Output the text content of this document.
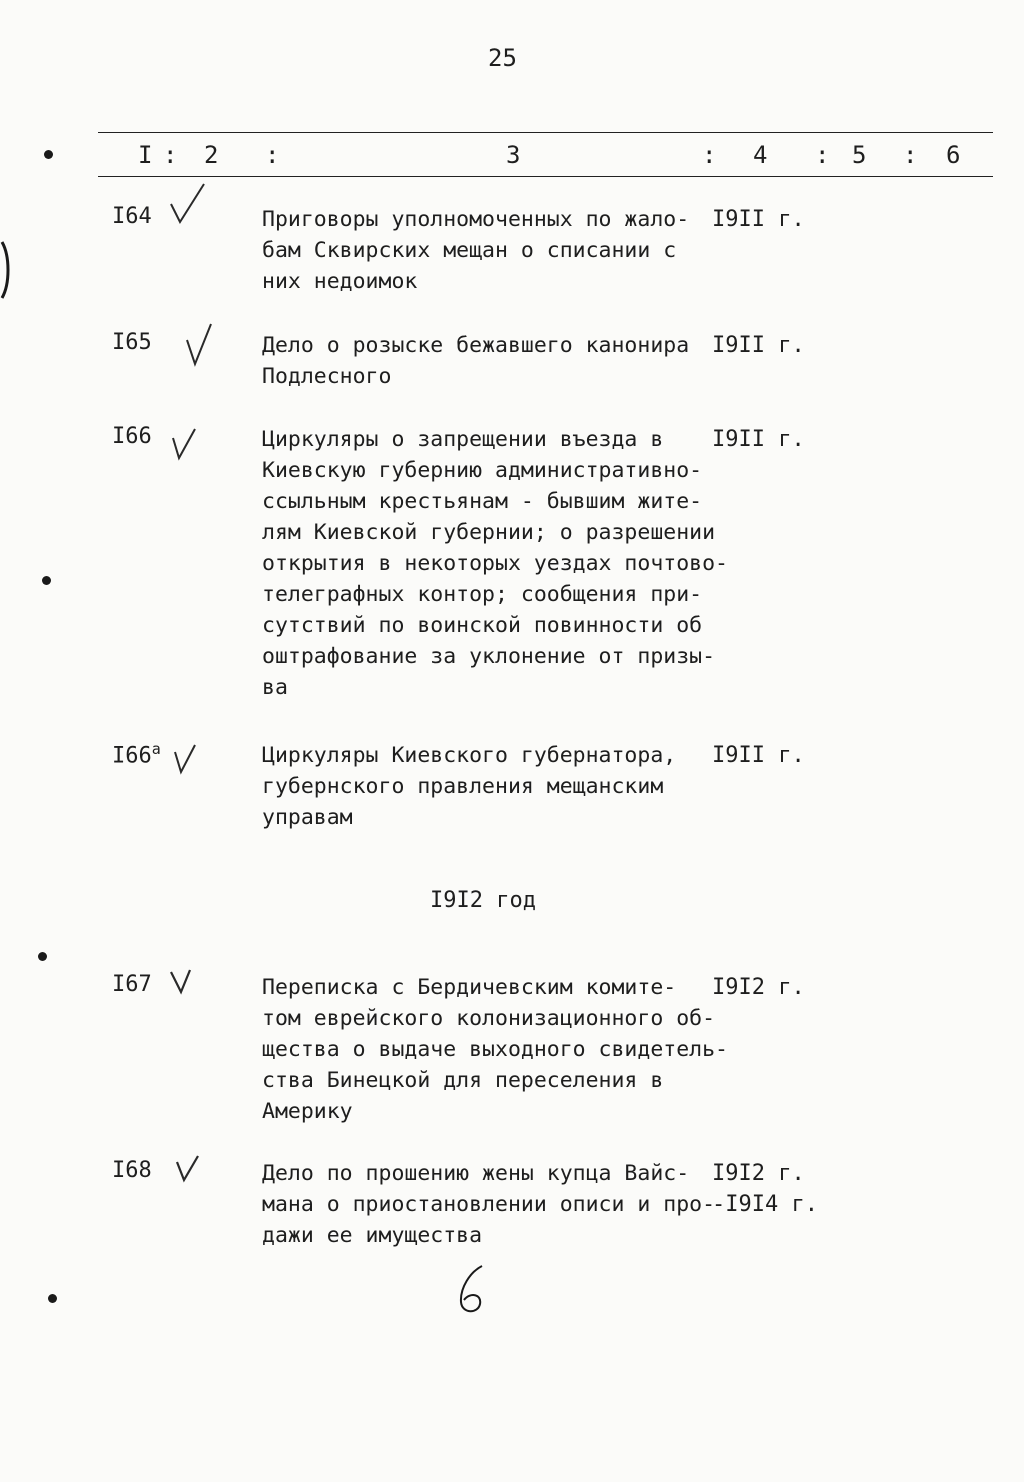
25
I : 2 :	3	: 4 : 5 : 6
I64	Приговоры уполномоченных по жало-
бам Сквирских мещан о списании с
них недоимок
I9II г.
I65	Дело о розыске бежавшего канонира
Подлесного
I9II г.
I66	Циркуляры о запрещении въезда в
Киевскую губернию административно-
ссыльным крестьянам - бывшим жите-
лям Киевской губернии; о разрешении
открытия в некоторых уездах почтово-
телеграфных контор; сообщения при-
сутствий по воинской повинности об
оштрафование за уклонение от призы-
ва
I9II г.
$I66^а$	Циркуляры Киевского губернатора,
губернского правления мещанским
управам
I9II г.
I9I2 год
I67	Переписка с Бердичевским комите-
том еврейского колонизационного об-
щества о выдаче выходного свидетель-
ства Бинецкой для переселения в
Америку
I9I2 г.
I68	Дело по прошению жены купца Вайс-
мана о приостановлении описи и про-
дажи ее имущества
I9I2 г.
-I9I4 г.
